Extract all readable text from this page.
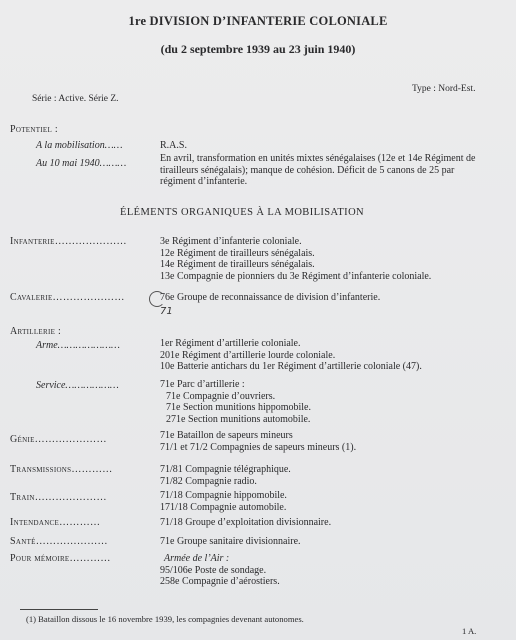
1re DIVISION D’INFANTERIE COLONIALE
(du 2 septembre 1939 au 23 juin 1940)
Série : Active. Série Z.
Type : Nord-Est.
Potentiel :
A la mobilisation……	R.A.S.
Au 10 mai 1940………	En avril, transformation en unités mixtes sénégalaises (12e et 14e Régiment de
tirailleurs sénégalais); manque de cohésion. Déficit de 5 canons de 25 par
régiment d’infanterie.
ÉLÉMENTS ORGANIQUES À LA MOBILISATION
Infanterie…………………	3e Régiment d’infanterie coloniale.
12e Régiment de tirailleurs sénégalais.
14e Régiment de tirailleurs sénégalais.
13e Compagnie de pionniers du 3e Régiment d’infanterie coloniale.
Cavalerie…………………	76e Groupe de reconnaissance de division d’infanterie.
71
Artillerie :
Arme…………………	1er Régiment d’artillerie coloniale.
201e Régiment d’artillerie lourde coloniale.
10e Batterie antichars du 1er Régiment d’artillerie coloniale (47).
Service………………	71e Parc d’artillerie :
71e Compagnie d’ouvriers.
71e Section munitions hippomobile.
271e Section munitions automobile.
Génie…………………	71e Bataillon de sapeurs mineurs
71/1 et 71/2 Compagnies de sapeurs mineurs (1).
Transmissions…………	71/81 Compagnie télégraphique.
71/82 Compagnie radio.
Train…………………	71/18 Compagnie hippomobile.
171/18 Compagnie automobile.
Intendance…………	71/18 Groupe d’exploitation divisionnaire.
Santé…………………	71e Groupe sanitaire divisionnaire.
Pour mémoire…………	Armée de l’Air :
95/106e Poste de sondage.
258e Compagnie d’aérostiers.
(1) Bataillon dissous le 16 novembre 1939, les compagnies devenant autonomes.
1 A.
